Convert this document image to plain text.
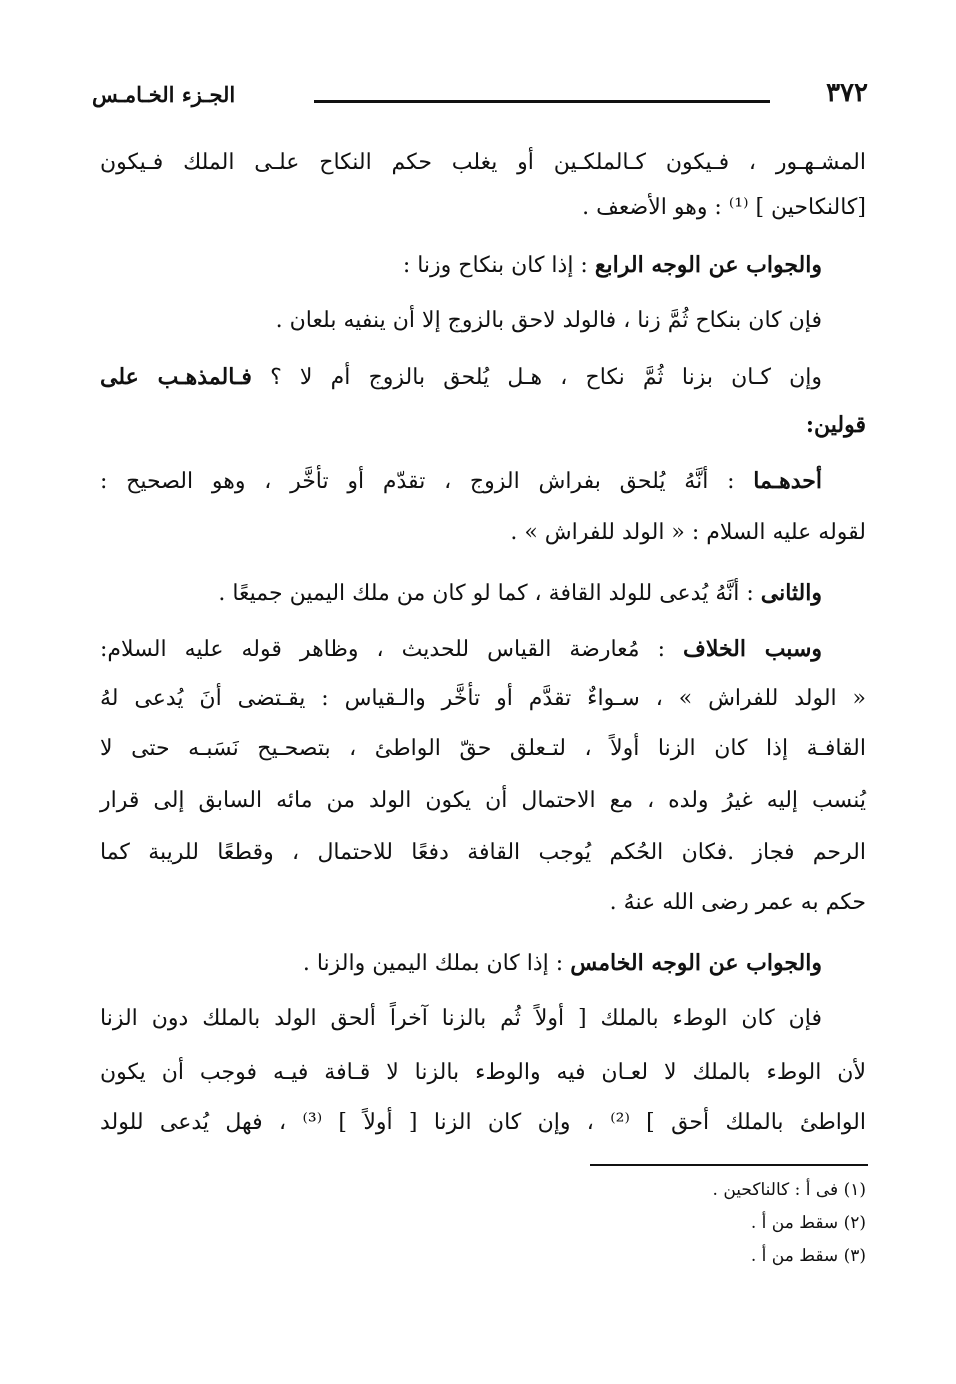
٣٧٢
الجـزء الخـامـس
المشـهـور ، فـيكون كـالملكـين أو يغلب حكم النكاح علـى الملك فـيكون
[كالنكاحين ] ⁽¹⁾ : وهو الأضعف .
والجواب عن الوجه الرابع : إذا كان بنكاح وزنا :
فإن كان بنكاح ثُمَّ زنا ، فالولد لاحق بالزوج إلا أن ينفيه بلعان .
وإن كـان بزنا ثُمَّ نكاح ، هـل يُلحق بالزوج أم لا ؟ فـالمذهـب على
قولين:
أحدهـما : أنَّهُ يُلحق بفراش الزوج ، تقدّم أو تأخَّر ، وهو الصحيح :
لقوله عليه السلام : « الولد للفراش » .
والثانى : أنَّهُ يُدعى للولد القافة ، كما لو كان من ملك اليمين جميعًا .
وسبب الخلاف : مُعارضة القياس للحديث ، وظاهر قوله عليه السلام:
« الولد للفراش » ، سـواءٌ تقدَّم أو تأخَّر والـقياس : يقـتضى أنَ يُدعى لهُ
القافـة إذا كان الزنا أولاً ، لتـعلق حقّ الواطئ ، بتصحـيح نَسَبـه حتى لا
يُنسب إليه غيرُ ولده ، مع الاحتمال أن يكون الولد من مائه السابق إلى قرار
الرحم فجاز .فكان الحُكم يُوجب القافة دفعًا للاحتمال ، وقطعًا للريبة كما
حكم به عمر رضى الله عنهُ .
والجواب عن الوجه الخامس : إذا كان بملك اليمين والزنا .
فإن كان الوطء بالملك [ أولاً ثُم بالزنا آخراً ألحق الولد بالملك دون الزنا
لأن الوطء بالملك لا لعـان فيه والوطء بالزنا لا قـافة فيـه فوجب أن يكون
الواطئ بالملك أحق ] ⁽²⁾ ، وإن كان الزنا [ أولاً ] ⁽³⁾ ، فهل يُدعى للولد
(١) فى أ : كالناكحين .
(٢) سقط من أ .
(٣) سقط من أ .
